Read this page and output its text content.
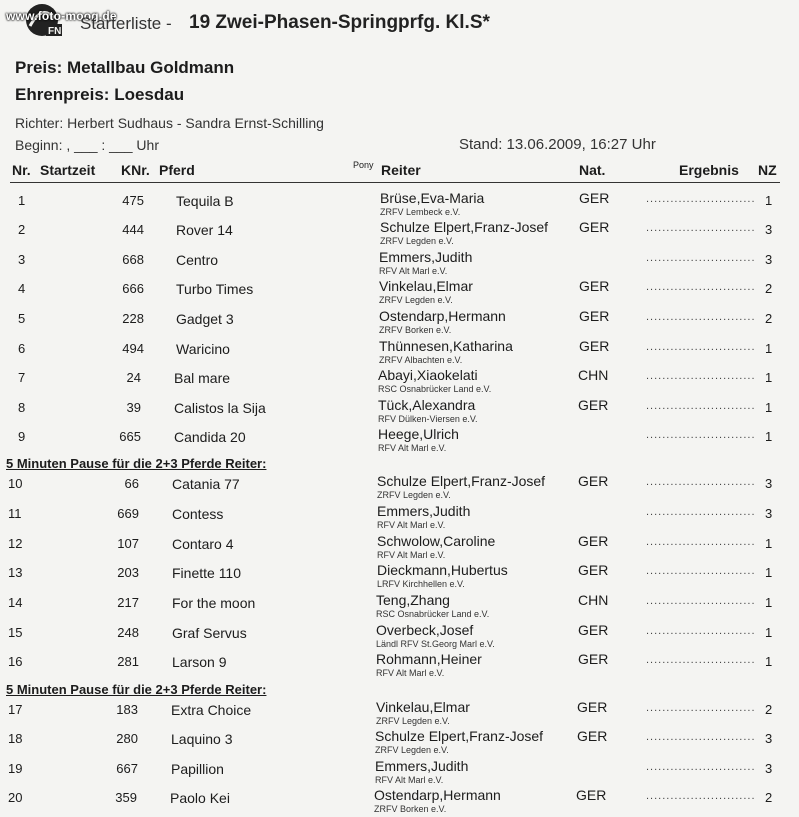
FN
www.foto-moog.de
Starterliste - 19 Zwei-Phasen-Springprfg. Kl.S*
Preis: Metallbau Goldmann
Ehrenpreis: Loesdau
Richter: Herbert Sudhaus - Sandra Ernst-Schilling
Beginn: , ___ : ___ Uhr	Stand: 13.06.2009, 16:27 Uhr
Nr. Startzeit KNr. Pferd	Pony Reiter	Nat.	Ergebnis NZ
1	475 Tequila B	Brüse,Eva-Maria
ZRFV Lembeck e.V.
GER	........................... 1
2	444 Rover 14	Schulze Elpert,Franz-Josef
ZRFV Legden e.V.
GER	........................... 3
3	668 Centro	Emmers,Judith
RFV Alt Marl e.V.
........................... 3
4	666 Turbo Times	Vinkelau,Elmar
ZRFV Legden e.V.
GER	........................... 2
5	228 Gadget 3	Ostendarp,Hermann
ZRFV Borken e.V.
GER	........................... 2
6	494 Waricino	Thünnesen,Katharina
ZRFV Albachten e.V.
GER	........................... 1
7	24 Bal mare	Abayi,Xiaokelati
RSC Osnabrücker Land e.V.
CHN	........................... 1
8	39 Calistos la Sija	Tück,Alexandra
RFV Dülken-Viersen e.V.
GER	........................... 1
9	665 Candida 20	Heege,Ulrich
RFV Alt Marl e.V.
........................... 1
10	66 Catania 77	Schulze Elpert,Franz-Josef
ZRFV Legden e.V.
GER	........................... 3
11	669 Contess	Emmers,Judith
RFV Alt Marl e.V.
........................... 3
12	107 Contaro 4	Schwolow,Caroline
RFV Alt Marl e.V.
GER	........................... 1
13	203 Finette 110	Dieckmann,Hubertus
LRFV Kirchhellen e.V.
GER	........................... 1
14	217 For the moon	Teng,Zhang
RSC Osnabrücker Land e.V.
CHN	........................... 1
15	248 Graf Servus	Overbeck,Josef
Ländl RFV St.Georg Marl e.V.
GER	........................... 1
16	281 Larson 9	Rohmann,Heiner
RFV Alt Marl e.V.
GER	........................... 1
17	183 Extra Choice	Vinkelau,Elmar
ZRFV Legden e.V.
GER	........................... 2
18	280 Laquino 3	Schulze Elpert,Franz-Josef
ZRFV Legden e.V.
GER	........................... 3
19	667 Papillion	Emmers,Judith
RFV Alt Marl e.V.
........................... 3
20	359 Paolo Kei	Ostendarp,Hermann
ZRFV Borken e.V.
GER	........................... 2
5 Minuten Pause für die 2+3 Pferde Reiter:
5 Minuten Pause für die 2+3 Pferde Reiter:
